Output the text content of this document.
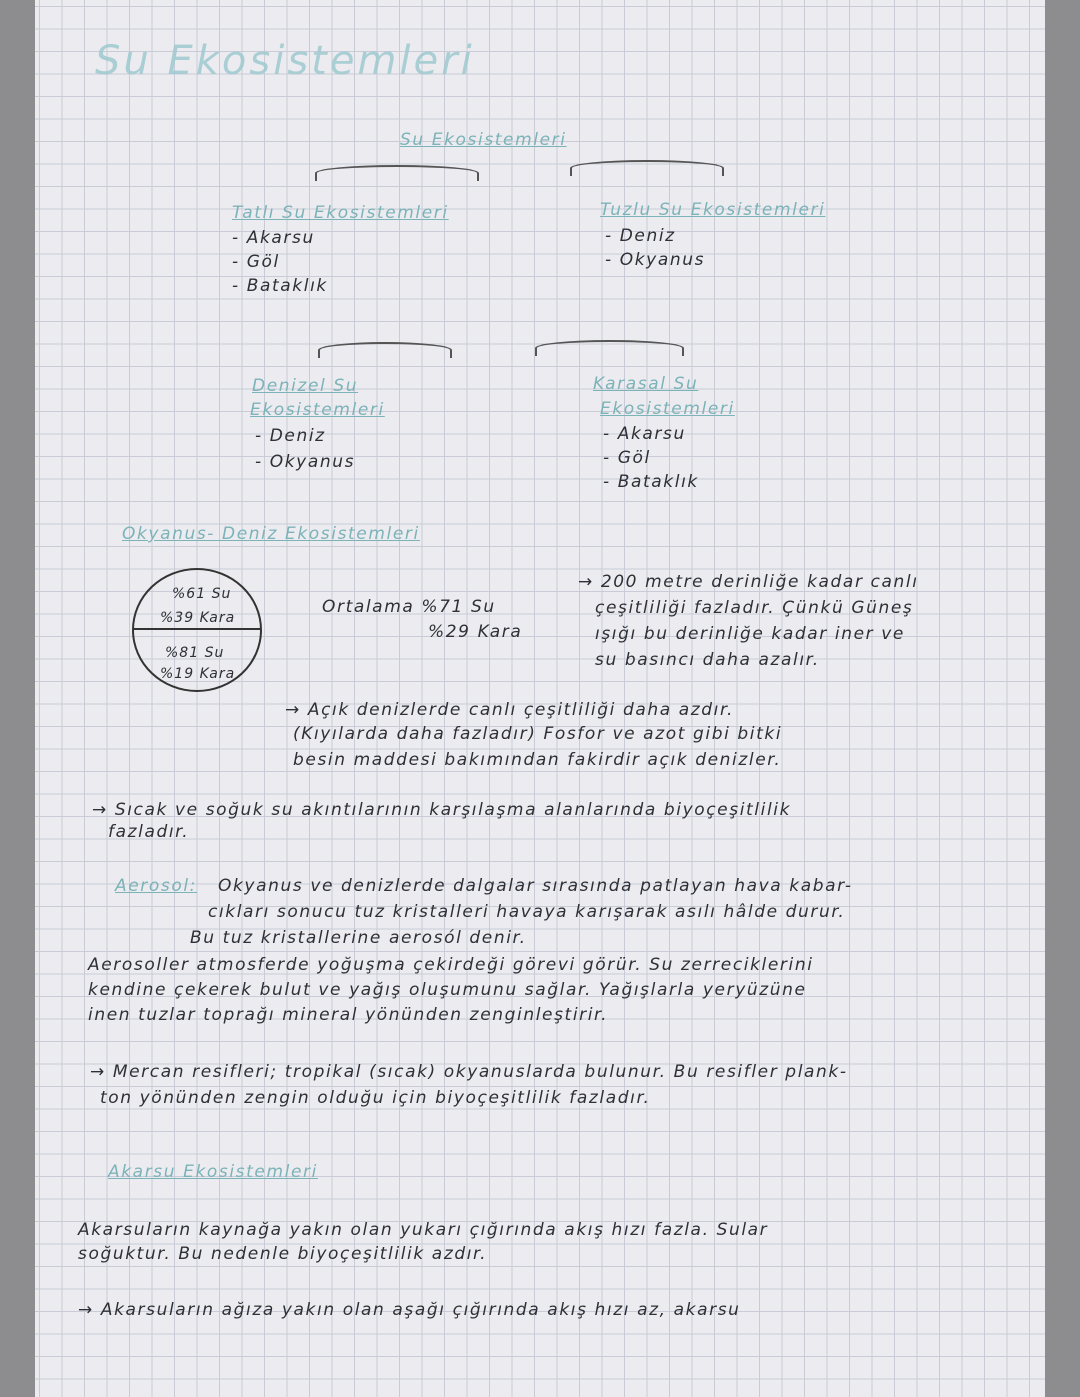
Su Ekosistemleri
Su Ekosistemleri
Tatlı Su Ekosistemleri
- Akarsu
- Göl
- Bataklık
Tuzlu Su Ekosistemleri
- Deniz
- Okyanus
Denizel Su
Ekosistemleri
- Deniz
- Okyanus
Karasal Su
Ekosistemleri
- Akarsu
- Göl
- Bataklık
Okyanus- Deniz Ekosistemleri
%61 Su
%39 Kara
%81 Su
%19 Kara
Ortalama %71 Su
%29 Kara
→ 200 metre derinliğe kadar canlı
çeşitliliği fazladır. Çünkü Güneş
ışığı bu derinliğe kadar iner ve
su basıncı daha azalır.
→ Açık denizlerde canlı çeşitliliği daha azdır.
(Kıyılarda daha fazladır) Fosfor ve azot gibi bitki
besin maddesi bakımından fakirdir açık denizler.
→ Sıcak ve soğuk su akıntılarının karşılaşma alanlarında biyoçeşitlilik
fazladır.
Aerosol: Okyanus ve denizlerde dalgalar sırasında patlayan hava kabar-
cıkları sonucu tuz kristalleri havaya karışarak asılı hâlde durur.
Bu tuz kristallerine aerosól denir.
Aerosoller atmosferde yoğuşma çekirdeği görevi görür. Su zerreciklerini
kendine çekerek bulut ve yağış oluşumunu sağlar. Yağışlarla yeryüzüne
inen tuzlar toprağı mineral yönünden zenginleştirir.
→ Mercan resifleri; tropikal (sıcak) okyanuslarda bulunur. Bu resifler plank-
ton yönünden zengin olduğu için biyoçeşitlilik fazladır.
Akarsu Ekosistemleri
Akarsuların kaynağa yakın olan yukarı çığırında akış hızı fazla. Sular
soğuktur. Bu nedenle biyoçeşitlilik azdır.
→ Akarsuların ağıza yakın olan aşağı çığırında akış hızı az, akarsu
